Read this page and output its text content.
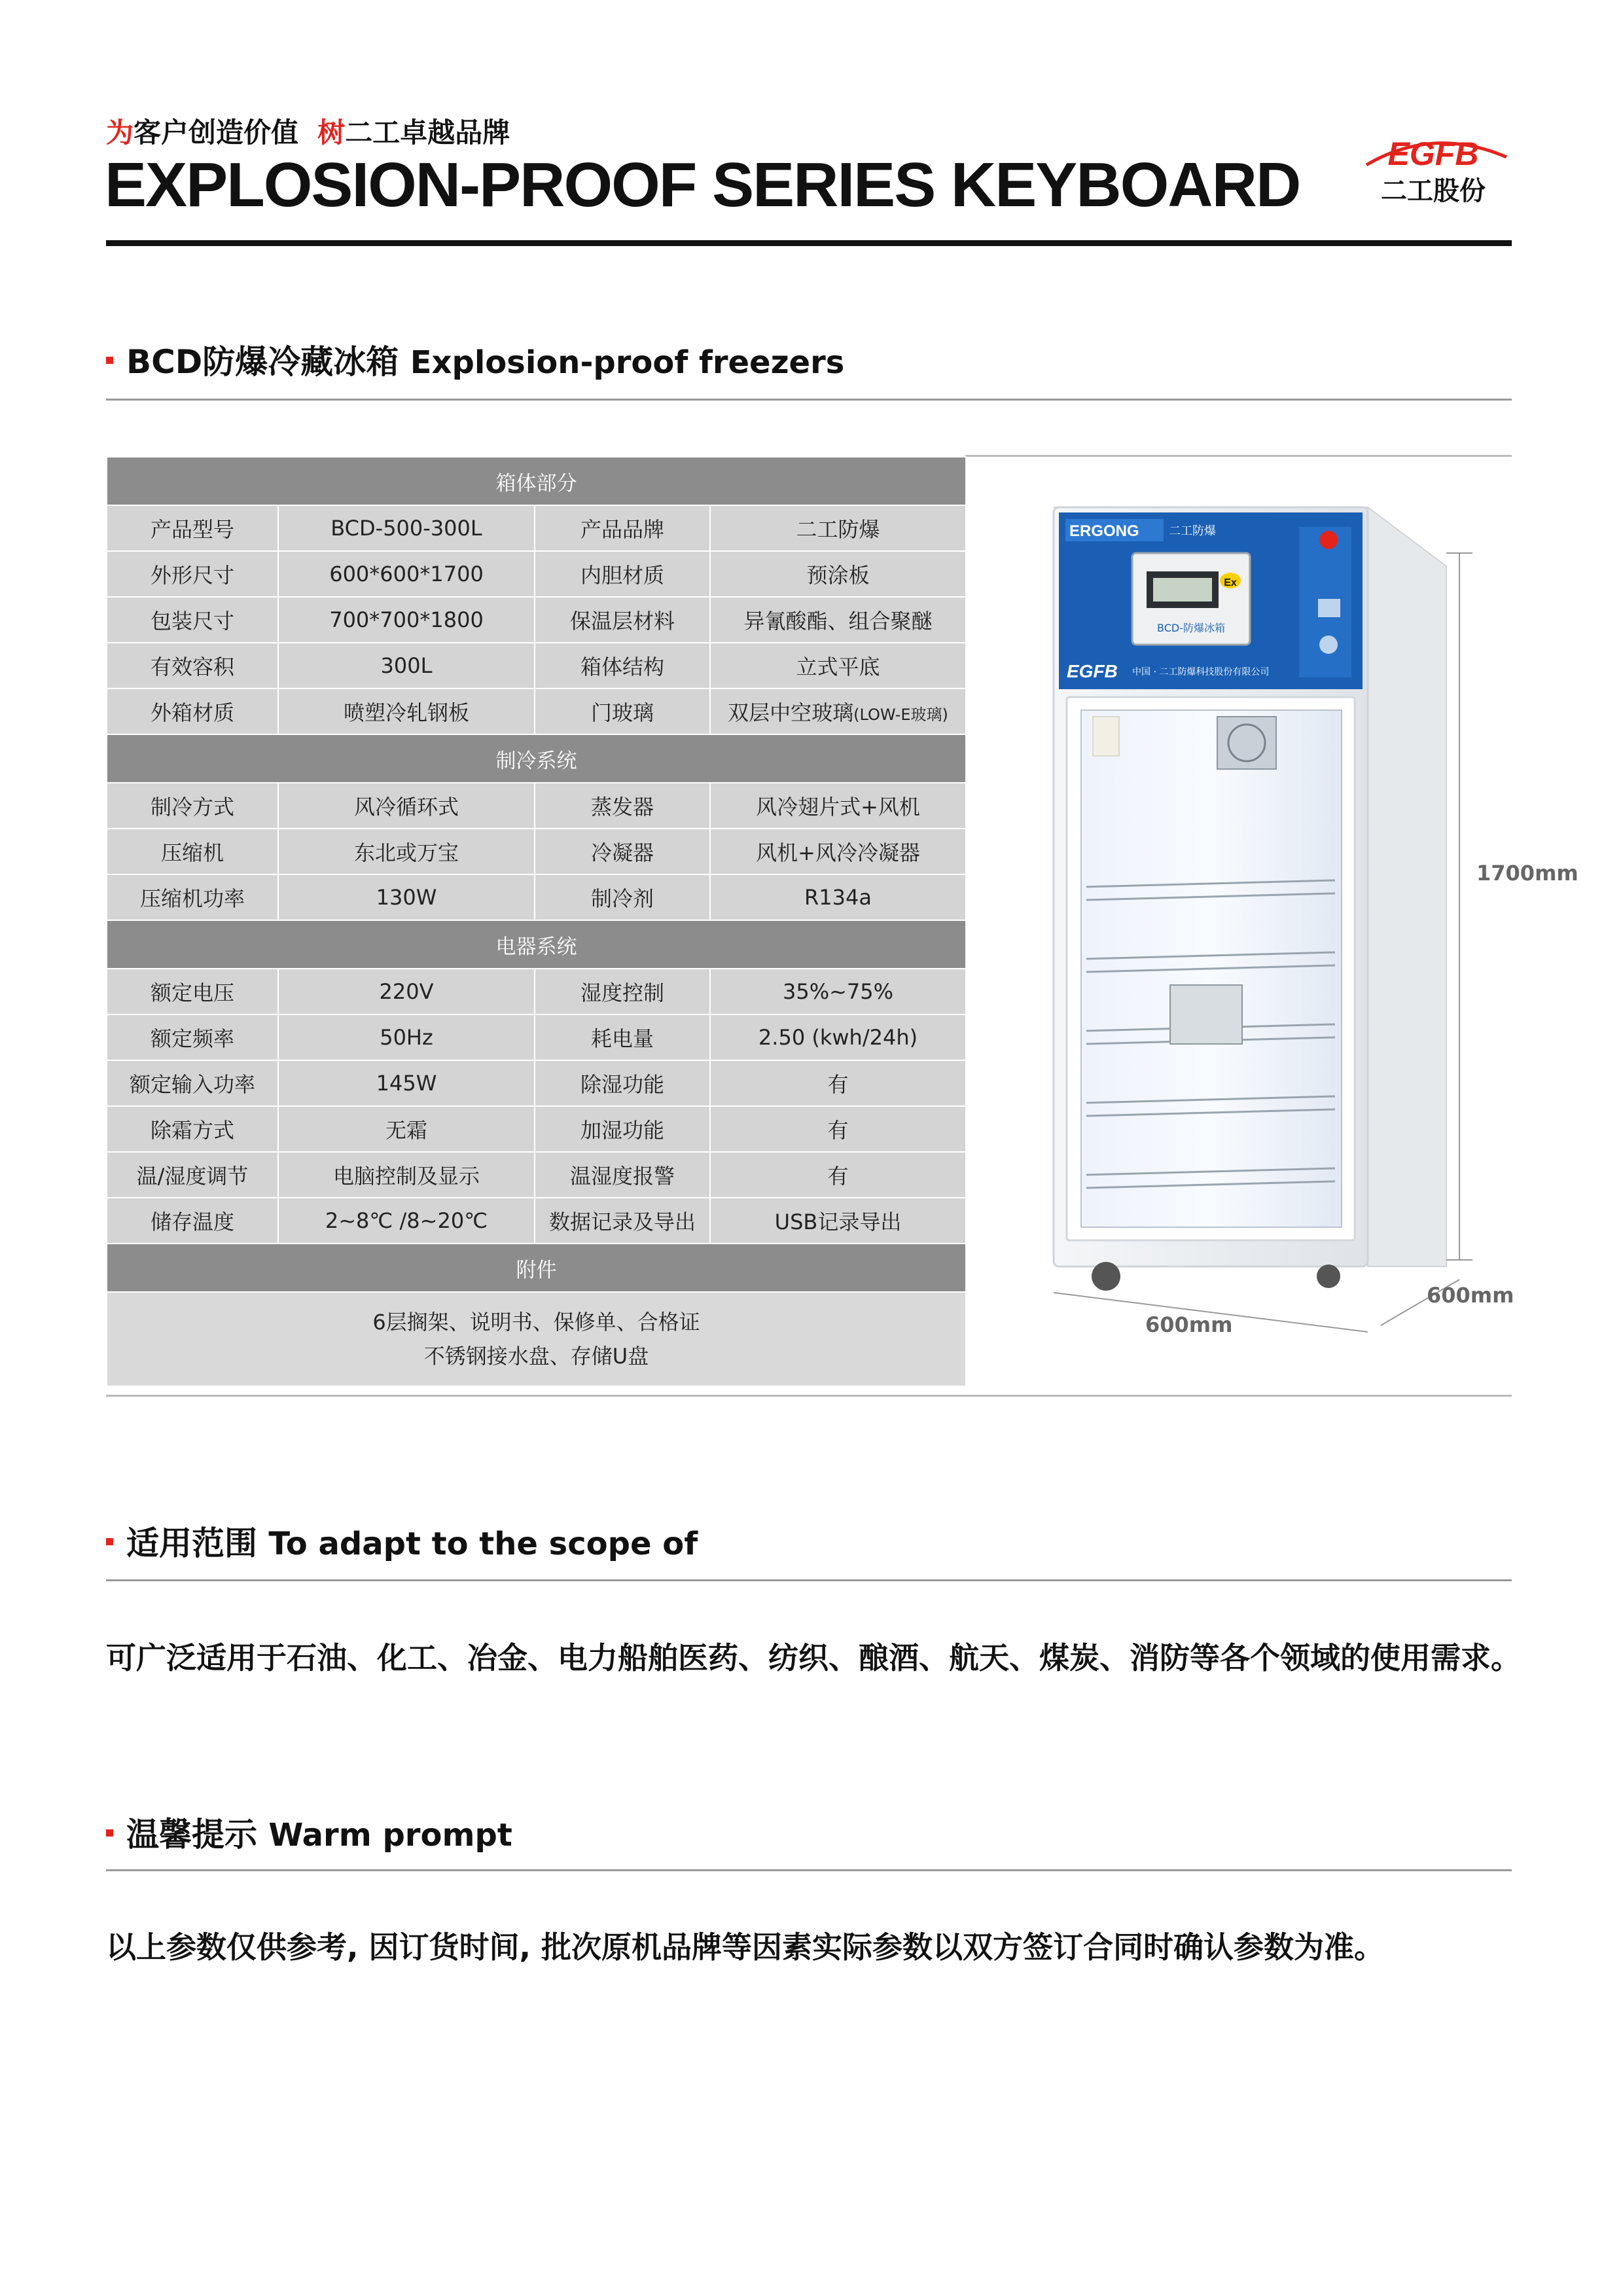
为客户创造价值 树二工卓越品牌
EXPLOSION-PROOF SERIES KEYBOARD	EGFB
二工股份
BCD防爆冷藏冰箱 Explosion-proof freezers
箱体部分			
产品型号	BCD-500-300L	产品品牌	二工防爆
外形尺寸	600*600*1700	内胆材质	预涂板
包装尺寸	700*700*1800	保温层材料	异氰酸酯、组合聚醚
有效容积	300L	箱体结构	立式平底
外箱材质	喷塑冷轧钢板	门玻璃	双层中空玻璃(LOW-E玻璃)
制冷系统			
制冷方式	风冷循环式	蒸发器	风冷翅片式+风机
压缩机	东北或万宝	冷凝器	风机+风冷冷凝器
压缩机功率	130W	制冷剂	R134a
电器系统			
额定电压	220V	湿度控制	35%~75%
额定频率	50Hz	耗电量	2.50 (kwh/24h)
额定输入功率	145W	除湿功能	有
除霜方式	无霜	加湿功能	有
温/湿度调节	电脑控制及显示	温湿度报警	有
储存温度	2~8℃ /8~20℃	数据记录及导出	USB记录导出
附件			

6层搁架、说明书、保修单、合格证
不锈钢接水盘、存储U盘			
ERGONG	二工防爆
Ex
BCD-防爆冰箱
EGFB 中国 · 二工防爆科技股份有限公司
1700mm
600mm
600mm
适用范围 To adapt to the scope of
可广泛适用于石油、化工、冶金、电力船舶医药、纺织、酿酒、航天、煤炭、消防等各个领域的使用需求。
温馨提示 Warm prompt
以上参数仅供参考, 因订货时间, 批次原机品牌等因素实际参数以双方签订合同时确认参数为准。
